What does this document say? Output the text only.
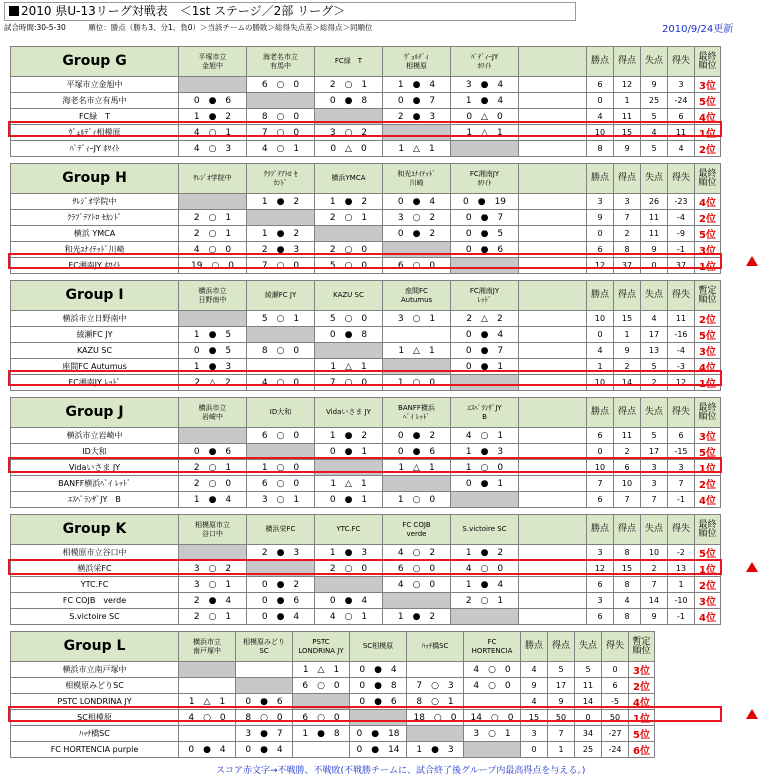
2010 県U-13リーグ対戦表　＜1st ステージ／2部 リーグ＞
試合時間:30-5-30	順位：勝点（勝ち3、分1、負0）＞当該チームの勝敗＞総得失点差＞総得点＞同順位	2010/9/24更新
Group G	平塚市立
金旭中	海老名市立
有馬中	FC緑　T	ｳﾞｪﾙﾃﾞｨ
相模原	ﾊﾟﾃﾞｨｰJY
ﾎﾜｲﾄ		勝点	得点	失点	得失	最終順位
平塚市立金旭中		6 ○ 0	2 ○ 1	1 ● 4	3 ● 4		6	12	9	3	3位
海老名市立有馬中	0 ● 6		0 ● 8	0 ● 7	1 ● 4		0	1	25	-24	5位
FC緑　T	1 ● 2	8 ○ 0		2 ● 3	0 △ 0		4	11	5	6	4位
ｳﾞｪﾙﾃﾞｨ相模原	4 ○ 1	7 ○ 0	3 ○ 2		1 △ 1		10	15	4	11	1位
ﾊﾟﾃﾞｨｰJY ﾎﾜｲﾄ	4 ○ 3	4 ○ 1	0 △ 0	1 △ 1			8	9	5	4	2位
Group H	ｻﾚｼﾞｵ学院中	ｸﾗﾌﾞﾃｱﾄﾛ ｾ
ｶﾝﾄﾞ	横浜YMCA	和光ﾕﾅｲﾃｯﾄﾞ
川崎	FC湘南JY
ﾎﾜｲﾄ		勝点	得点	失点	得失	最終順位
ｻﾚｼﾞｵ学院中		1 ● 2	1 ● 2	0 ● 4	0 ● 19		3	3	26	-23	4位
ｸﾗﾌﾞﾃｱﾄﾛ ｾｶﾝﾄﾞ	2 ○ 1		2 ○ 1	3 ○ 2	0 ● 7		9	7	11	-4	2位
横浜 YMCA	2 ○ 1	1 ● 2		0 ● 2	0 ● 5		0	2	11	-9	5位
和光ﾕﾅｲﾃｯﾄﾞ川崎	4 ○ 0	2 ● 3	2 ○ 0		0 ● 6		6	8	9	-1	3位
FC湘南JY ﾎﾜｲﾄ	19 ○ 0	7 ○ 0	5 ○ 0	6 ○ 0			12	37	0	37	1位
Group I	横浜市立
日野南中	綾瀬FC JY	KAZU SC	座間FC
Autumus	FC湘南JY
ﾚｯﾄﾞ		勝点	得点	失点	得失	暫定順位
横浜市立日野南中		5 ○ 1	5 ○ 0	3 ○ 1	2 △ 2		10	15	4	11	2位
綾瀬FC JY	1 ● 5		0 ● 8		0 ● 4		0	1	17	-16	5位
KAZU SC	0 ● 5	8 ○ 0		1 △ 1	0 ● 7		4	9	13	-4	3位
座間FC Autumus	1 ● 3		1 △ 1		0 ● 1		1	2	5	-3	4位
FC湘南JY ﾚｯﾄﾞ	2 △ 2	4 ○ 0	7 ○ 0	1 ○ 0			10	14	2	12	1位
Group J	横浜市立
岩崎中	ID大和	Vidaいさま JY	BANFF横浜
ﾍﾞｲ ﾚｯﾄﾞ	ｴｽﾍﾟﾗﾝｻﾞJY
B		勝点	得点	失点	得失	最終順位
横浜市立岩崎中		6 ○ 0	1 ● 2	0 ● 2	4 ○ 1		6	11	5	6	3位
ID大和	0 ● 6		0 ● 1	0 ● 6	1 ● 3		0	2	17	-15	5位
Vidaいさま JY	2 ○ 1	1 ○ 0		1 △ 1	1 ○ 0		10	6	3	3	1位
BANFF横浜ﾍﾞｲ ﾚｯﾄﾞ	2 ○ 0	6 ○ 0	1 △ 1		0 ● 1		7	10	3	7	2位
ｴｽﾍﾟﾗﾝｻﾞJY　B	1 ● 4	3 ○ 1	0 ● 1	1 ○ 0			6	7	7	-1	4位
Group K	相模原市立
谷口中	横浜栄FC	YTC.FC	FC COJB
verde	S.victoire SC		勝点	得点	失点	得失	最終順位
相模原市立谷口中		2 ● 3	1 ● 3	4 ○ 2	1 ● 2		3	8	10	-2	5位
横浜栄FC	3 ○ 2		2 ○ 0	6 ○ 0	4 ○ 0		12	15	2	13	1位
YTC.FC	3 ○ 1	0 ● 2		4 ○ 0	1 ● 4		6	8	7	1	2位
FC COJB　verde	2 ● 4	0 ● 6	0 ● 4		2 ○ 1		3	4	14	-10	3位
S.victoire SC	2 ○ 1	0 ● 4	4 ○ 1	1 ● 2			6	8	9	-1	4位
Group L	横浜市立
南戸塚中	相模原みどり
SC	PSTC
LONDRINA JY	SC相模原	ﾊｯﾁ橋SC	FC
HORTENCIA	勝点	得点	失点	得失	暫定順位
横浜市立南戸塚中			1 △ 1	0 ● 4		4 ○ 0	4	5	5	0	3位
相模原みどりSC			6 ○ 0	0 ● 8	7 ○ 3	4 ○ 0	9	17	11	6	2位
PSTC LONDRINA JY	1 △ 1	0 ● 6		0 ● 6	8 ○ 1		4	9	14	-5	4位
SC相模原	4 ○ 0	8 ○ 0	6 ○ 0		18 ○ 0	14 ○ 0	15	50	0	50	1位
ﾊｯﾁ橋SC		3 ● 7	1 ● 8	0 ● 18		3 ○ 1	3	7	34	-27	5位
FC HORTENCIA purple	0 ● 4	0 ● 4		0 ● 14	1 ● 3		0	1	25	-24	6位
スコア赤文字→不戦勝、不戦敗(不戦勝チームに、試合終了後グループ内最高得点を与える。)
